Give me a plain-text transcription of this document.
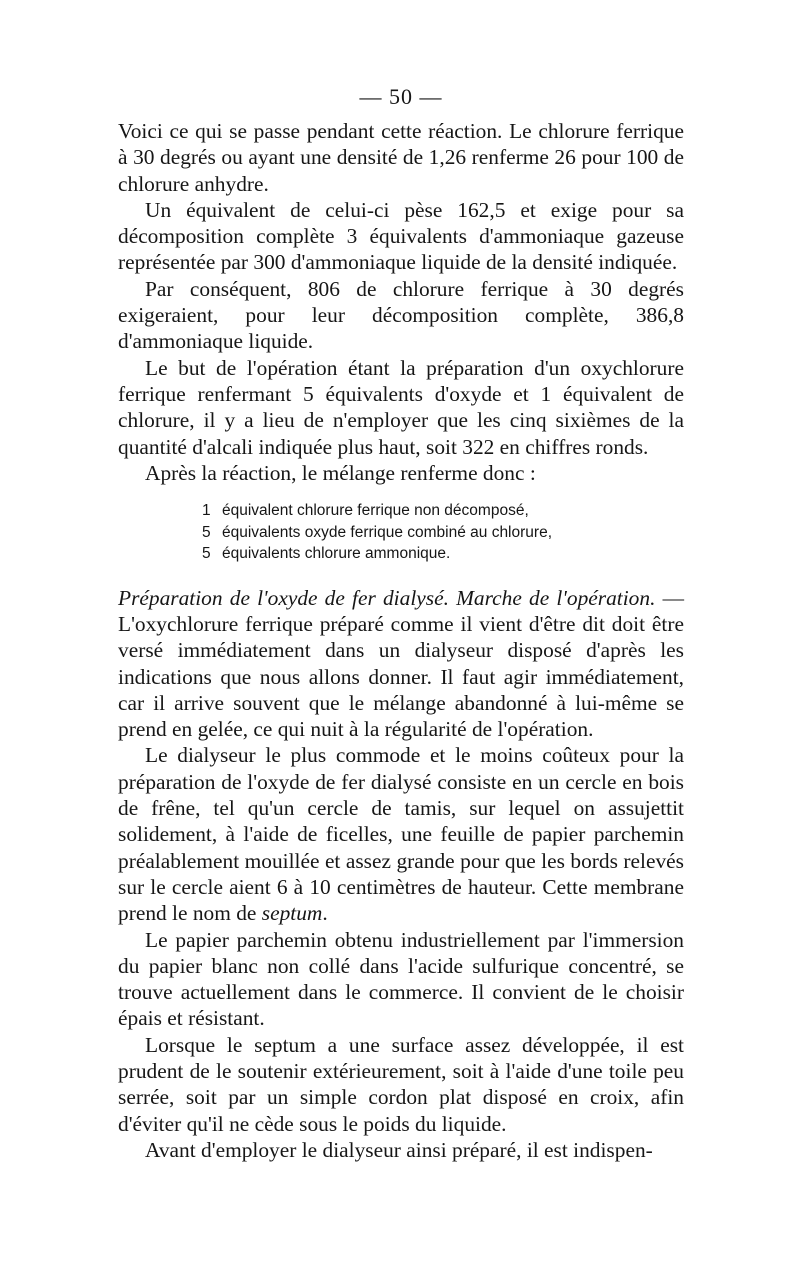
— 50 —

Voici ce qui se passe pendant cette réaction. Le chlorure ferrique à 30 degrés ou ayant une densité de 1,26 renferme 26 pour 100 de chlorure anhydre.

Un équivalent de celui-ci pèse 162,5 et exige pour sa décomposition complète 3 équivalents d'ammoniaque gazeuse représentée par 300 d'ammoniaque liquide de la densité indiquée.

Par conséquent, 806 de chlorure ferrique à 30 degrés exigeraient, pour leur décomposition complète, 386,8 d'ammoniaque liquide.

Le but de l'opération étant la préparation d'un oxychlorure ferrique renfermant 5 équivalents d'oxyde et 1 équivalent de chlorure, il y a lieu de n'employer que les cinq sixièmes de la quantité d'alcali indiquée plus haut, soit 322 en chiffres ronds.

Après la réaction, le mélange renferme donc :

1 équivalent chlorure ferrique non décomposé,
5 équivalents oxyde ferrique combiné au chlorure,
5 équivalents chlorure ammonique.

Préparation de l'oxyde de fer dialysé. Marche de l'opération. — L'oxychlorure ferrique préparé comme il vient d'être dit doit être versé immédiatement dans un dialyseur disposé d'après les indications que nous allons donner. Il faut agir immédiatement, car il arrive souvent que le mélange abandonné à lui-même se prend en gelée, ce qui nuit à la régularité de l'opération.

Le dialyseur le plus commode et le moins coûteux pour la préparation de l'oxyde de fer dialysé consiste en un cercle en bois de frêne, tel qu'un cercle de tamis, sur lequel on assujettit solidement, à l'aide de ficelles, une feuille de papier parchemin préalablement mouillée et assez grande pour que les bords relevés sur le cercle aient 6 à 10 centimètres de hauteur. Cette membrane prend le nom de septum.

Le papier parchemin obtenu industriellement par l'immersion du papier blanc non collé dans l'acide sulfurique concentré, se trouve actuellement dans le commerce. Il convient de le choisir épais et résistant.

Lorsque le septum a une surface assez développée, il est prudent de le soutenir extérieurement, soit à l'aide d'une toile peu serrée, soit par un simple cordon plat disposé en croix, afin d'éviter qu'il ne cède sous le poids du liquide.

Avant d'employer le dialyseur ainsi préparé, il est indispen-
